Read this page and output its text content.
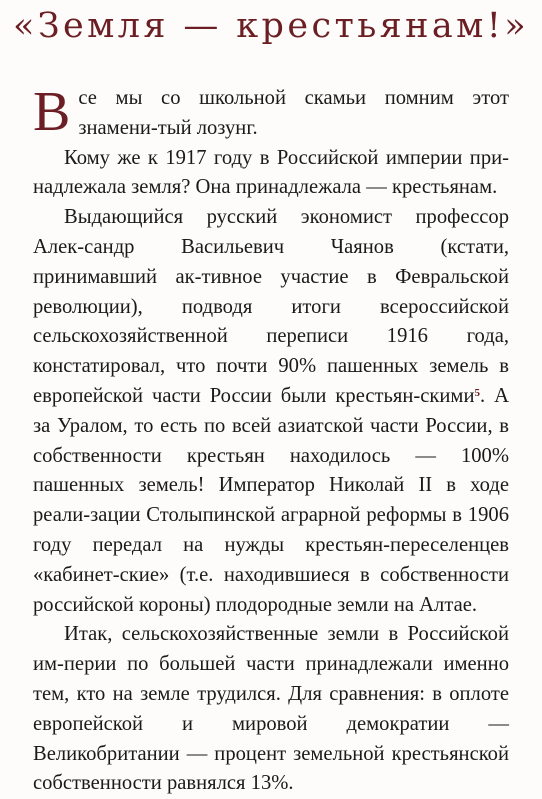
«Земля — крестьянам!»

Все мы со школьной скамьи помним этот знамени-тый лозунг.

Кому же к 1917 году в Российской империи при-надлежала земля? Она принадлежала — крестьянам.

Выдающийся русский экономист профессор Алек-сандр Васильевич Чаянов (кстати, принимавший ак-тивное участие в Февральской революции), подводя итоги всероссийской сельскохозяйственной переписи 1916 года, констатировал, что почти 90% пашенных земель в европейской части России были крестьян-скими$^5$. А за Уралом, то есть по всей азиатской части России, в собственности крестьян находилось — 100% пашенных земель! Император Николай II в ходе реали-зации Столыпинской аграрной реформы в 1906 году передал на нужды крестьян-переселенцев «кабинет-ские» (т.е. находившиеся в собственности российской короны) плодородные земли на Алтае.

Итак, сельскохозяйственные земли в Российской им-перии по большей части принадлежали именно тем, кто на земле трудился. Для сравнения: в оплоте европейской и мировой демократии — Великобритании — процент земельной крестьянской собственности равнялся 13%.
